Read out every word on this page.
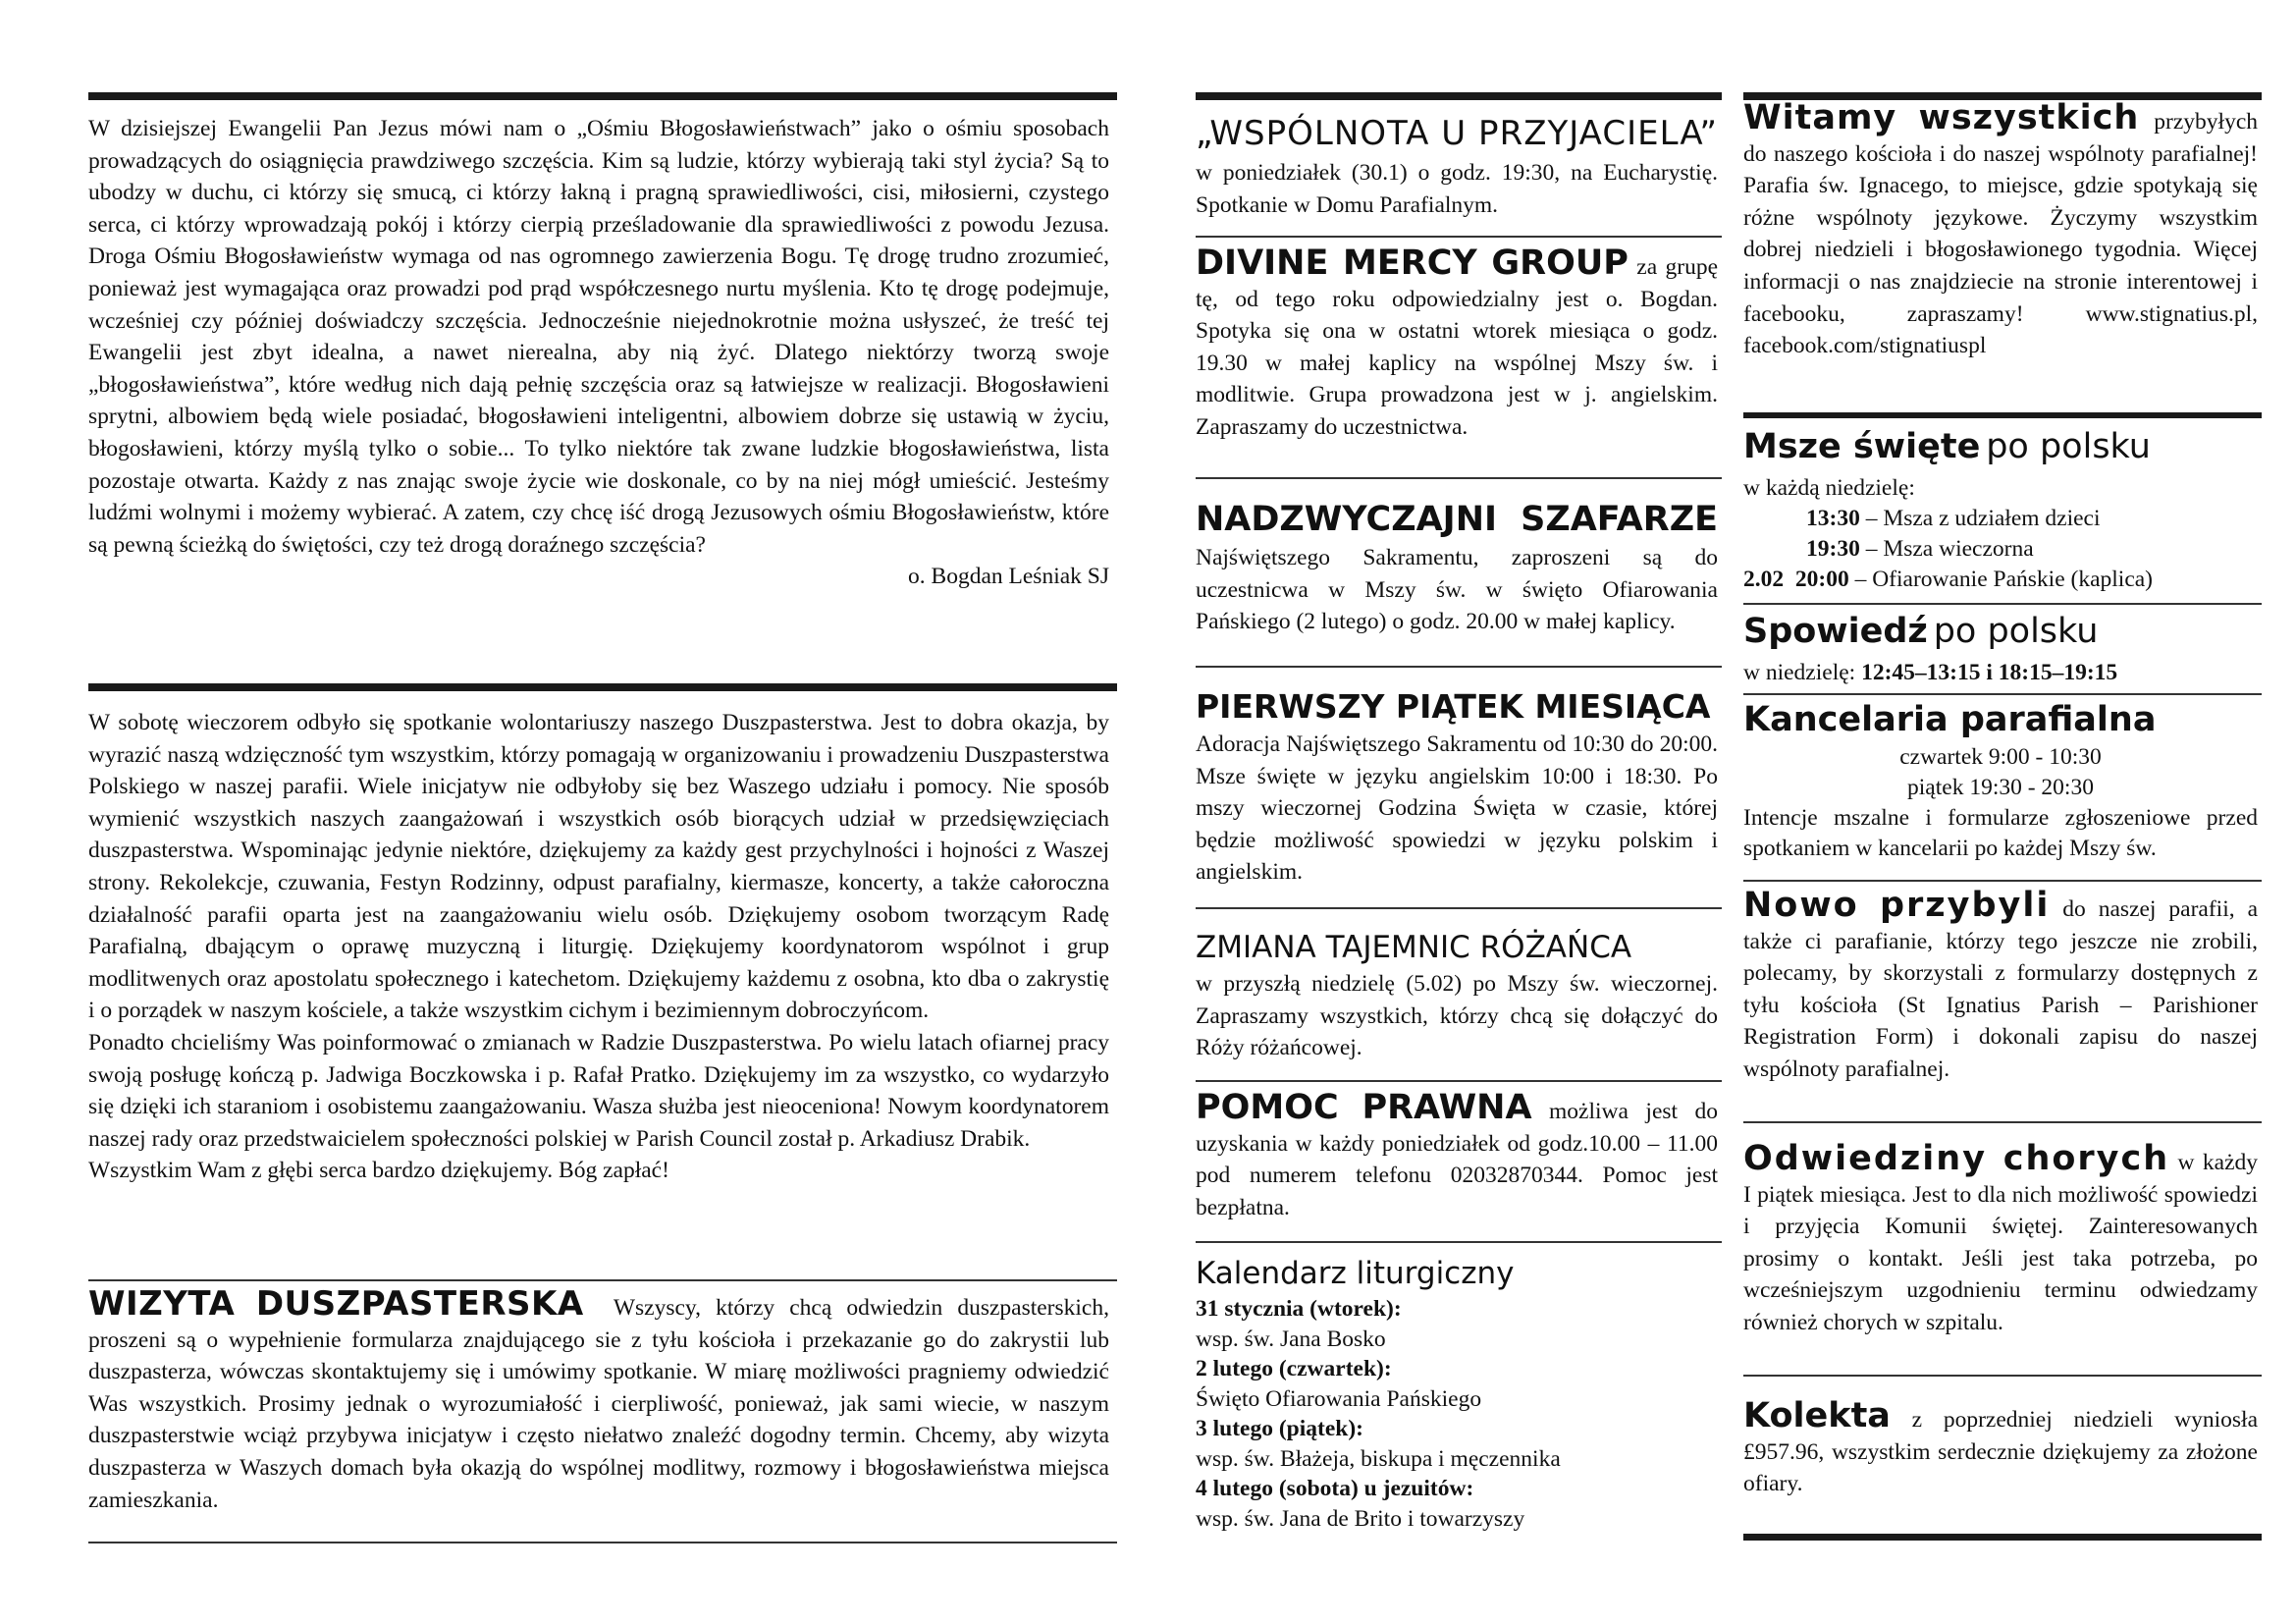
W dzisiejszej Ewangelii Pan Jezus mówi nam o „Ośmiu Błogosławieństwach” jako o ośmiu sposobach prowadzących do osiągnięcia prawdziwego szczęścia. Kim są ludzie, którzy wybierają taki styl życia? Są to ubodzy w duchu, ci którzy się smucą, ci którzy łakną i pragną sprawiedliwości, cisi, miłosierni, czystego serca, ci którzy wprowadzają pokój i którzy cierpią prześladowanie dla sprawiedliwości z powodu Jezusa. Droga Ośmiu Błogosławieństw wymaga od nas ogromnego zawierzenia Bogu. Tę drogę trudno zrozumieć, ponieważ jest wymagająca oraz prowadzi pod prąd współczesnego nurtu myślenia. Kto tę drogę podejmuje, wcześniej czy później doświadczy szczęścia. Jednocześnie niejednokrotnie można usłyszeć, że treść tej Ewangelii jest zbyt idealna, a nawet nierealna, aby nią żyć. Dlatego niektórzy tworzą swoje „błogosławieństwa”, które według nich dają pełnię szczęścia oraz są łatwiejsze w realizacji. Błogosławieni sprytni, albowiem będą wiele posiadać, błogosławieni inteligentni, albowiem dobrze się ustawią w życiu, błogosławieni, którzy myślą tylko o sobie... To tylko niektóre tak zwane ludzkie błogosławieństwa, lista pozostaje otwarta. Każdy z nas znając swoje życie wie doskonale, co by na niej mógł umieścić. Jesteśmy ludźmi wolnymi i możemy wybierać. A zatem, czy chcę iść drogą Jezusowych ośmiu Błogosławieństw, które są pewną ścieżką do świętości, czy też drogą doraźnego szczęścia?

o. Bogdan Leśniak SJ

W sobotę wieczorem odbyło się spotkanie wolontariuszy naszego Duszpasterstwa. Jest to dobra okazja, by wyrazić naszą wdzięczność tym wszystkim, którzy pomagają w organizowaniu i prowadzeniu Duszpasterstwa Polskiego w naszej parafii. Wiele inicjatyw nie odbyłoby się bez Waszego udziału i pomocy. Nie sposób wymienić wszystkich naszych zaangażowań i wszystkich osób biorących udział w przedsięwzięciach duszpasterstwa. Wspominając jedynie niektóre, dziękujemy za każdy gest przychylności i hojności z Waszej strony. Rekolekcje, czuwania, Festyn Rodzinny, odpust parafialny, kiermasze, koncerty, a także całoroczna działalność parafii oparta jest na zaangażowaniu wielu osób. Dziękujemy osobom tworzącym Radę Parafialną, dbającym o oprawę muzyczną i liturgię. Dziękujemy koordynatorom wspólnot i grup modlitwenych oraz apostolatu społecznego i katechetom. Dziękujemy każdemu z osobna, kto dba o zakrystię i o porządek w naszym kościele, a także wszystkim cichym i bezimiennym dobroczyńcom.

Ponadto chcieliśmy Was poinformować o zmianach w Radzie Duszpasterstwa. Po wielu latach ofiarnej pracy swoją posługę kończą p. Jadwiga Boczkowska i p. Rafał Pratko. Dziękujemy im za wszystko, co wydarzyło się dzięki ich staraniom i osobistemu zaangażowaniu. Wasza służba jest nieoceniona! Nowym koordynatorem naszej rady oraz przedstwaicielem społeczności polskiej w Parish Council został p. Arkadiusz Drabik.

Wszystkim Wam z głębi serca bardzo dziękujemy. Bóg zapłać!

WIZYTA DUSZPASTERSKA Wszyscy, którzy chcą odwiedzin duszpasterskich, proszeni są o wypełnienie formularza znajdującego sie z tyłu kościoła i przekazanie go do zakrystii lub duszpasterza, wówczas skontaktujemy się i umówimy spotkanie. W miarę możliwości pragniemy odwiedzić Was wszystkich. Prosimy jednak o wyrozumiałość i cierpliwość, ponieważ, jak sami wiecie, w naszym duszpasterstwie wciąż przybywa inicjatyw i często niełatwo znaleźć dogodny termin. Chcemy, aby wizyta duszpasterza w Waszych domach była okazją do wspólnej modlitwy, rozmowy i błogosławieństwa miejsca zamieszkania.

„WSPÓLNOTA U PRZYJACIELA”

w poniedziałek (30.1) o godz. 19:30, na Eucharystię. Spotkanie w Domu Parafialnym.

DIVINE MERCY GROUP za grupę tę, od tego roku odpowiedzialny jest o. Bogdan. Spotyka się ona w ostatni wtorek miesiąca o godz. 19.30 w małej kaplicy na wspólnej Mszy św. i modlitwie. Grupa prowadzona jest w j. angielskim. Zapraszamy do uczestnictwa.

NADZWYCZAJNI SZAFARZE

Najświętszego Sakramentu, zaproszeni są do uczestnicwa w Mszy św. w święto Ofiarowania Pańskiego (2 lutego) o godz. 20.00 w małej kaplicy.

PIERWSZY PIĄTEK MIESIĄCA

Adoracja Najświętszego Sakramentu od 10:30 do 20:00. Msze święte w języku angielskim 10:00 i 18:30. Po mszy wieczornej Godzina Święta w czasie, której będzie możliwość spowiedzi w języku polskim i angielskim.

ZMIANA TAJEMNIC RÓŻAŃCA

w przyszłą niedzielę (5.02) po Mszy św. wieczornej. Zapraszamy wszystkich, którzy chcą się dołączyć do Róży różańcowej.

POMOC PRAWNA możliwa jest do uzyskania w każdy poniedziałek od godz.10.00 – 11.00 pod numerem telefonu 02032870344. Pomoc jest bezpłatna.

Kalendarz liturgiczny
31 stycznia (wtorek):
wsp. św. Jana Bosko
2 lutego (czwartek):
Święto Ofiarowania Pańskiego
3 lutego (piątek):
wsp. św. Błażeja, biskupa i męczennika
4 lutego (sobota) u jezuitów:
wsp. św. Jana de Brito i towarzyszy

Witamy wszystkich przybyłych do naszego kościoła i do naszej wspólnoty parafialnej! Parafia św. Ignacego, to miejsce, gdzie spotykają się różne wspólnoty językowe. Życzymy wszystkim dobrej niedzieli i błogosławionego tygodnia. Więcej informacji o nas znajdziecie na stronie interentowej i facebooku, zapraszamy! www.stignatius.pl, facebook.com/stignatiuspl

Msze święte po polsku
w każdą niedzielę:
13:30 – Msza z udziałem dzieci
19:30 – Msza wieczorna
2.02  20:00 – Ofiarowanie Pańskie (kaplica)
Spowiedź po polsku
w niedzielę: 12:45–13:15 i 18:15–19:15
Kancelaria parafialna
czwartek 9:00 - 10:30
piątek 19:30 - 20:30

Intencje mszalne i formularze zgłoszeniowe przed spotkaniem w kancelarii po każdej Mszy św.

Nowo przybyli do naszej parafii, a także ci parafianie, którzy tego jeszcze nie zrobili, polecamy, by skorzystali z formularzy dostępnych z tyłu kościoła (St Ignatius Parish – Parishioner Registration Form) i dokonali zapisu do naszej wspólnoty parafialnej.

Odwiedziny chorych w każdy I piątek miesiąca. Jest to dla nich możliwość spowiedzi i przyjęcia Komunii świętej. Zainteresowanych prosimy o kontakt. Jeśli jest taka potrzeba, po wcześniejszym uzgodnieniu terminu odwiedzamy również chorych w szpitalu.

Kolekta z poprzedniej niedzieli wyniosła £957.96, wszystkim serdecznie dziękujemy za złożone ofiary.
